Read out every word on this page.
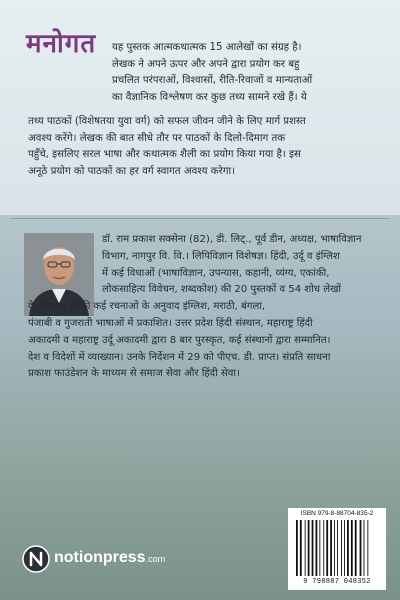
मनोगत	यह पुस्तक आत्मकथात्मक 15 आलेखों का संग्रह है।
लेखक ने अपने ऊपर और अपने द्वारा प्रयोग कर बहु
प्रचलित परंपराओं, विश्वासों, रीति-रिवाजों व मान्यताओं
का वैज्ञानिक विश्लेषण कर कुछ तथ्य सामने रखे हैं। ये
तथ्य पाठकों (विशेषतया युवा वर्ग) को सफल जीवन जीने के लिए मार्ग प्रशस्त
अवश्य करेंगे। लेखक की बात सीधे तौर पर पाठकों के दिलो-दिमाग तक
पहुँचे, इसलिए सरल भाषा और कथात्मक शैली का प्रयोग किया गया है। इस
अनूठे प्रयोग को पाठकों का हर वर्ग स्वागत अवश्य करेगा।
डॉ. राम प्रकाश सक्सेना (82), डी. लिट्., पूर्व डीन, अध्यक्ष, भाषाविज्ञान
विभाग, नागपुर वि. वि.। लिपिविज्ञान विशेषज्ञ। हिंदी, उर्दू व इंग्लिश
में कई विधाओं (भाषाविज्ञान, उपन्यास, कहानी, व्यंग्य, एकांकी,
लोकसाहित्य विवेचन, शब्दकोश) की 20 पुस्तकों व 54 शोध लेखों
के लेखक। उनकी कई रचनाओं के अनुवाद इंग्लिश, मराठी, बंगला,
पंजाबी व गुजराती भाषाओं में प्रकाशित। उत्तर प्रदेश हिंदी संस्थान, महाराष्ट्र हिंदी
अकादमी व महाराष्ट्र उर्दू अकादमी द्वारा 8 बार पुरस्कृत, कई संस्थानों द्वारा सम्मानित।
देश व विदेशों में व्याख्यान। उनके निर्देशन में 29 को पीएच. डी. प्राप्त। संप्रति साधना
प्रकाश फाउंडेशन के माध्यम से समाज सेवा और हिंदी सेवा।
ISBN 979-8-88704-835-2
9 798887 048352
notionpress.com
